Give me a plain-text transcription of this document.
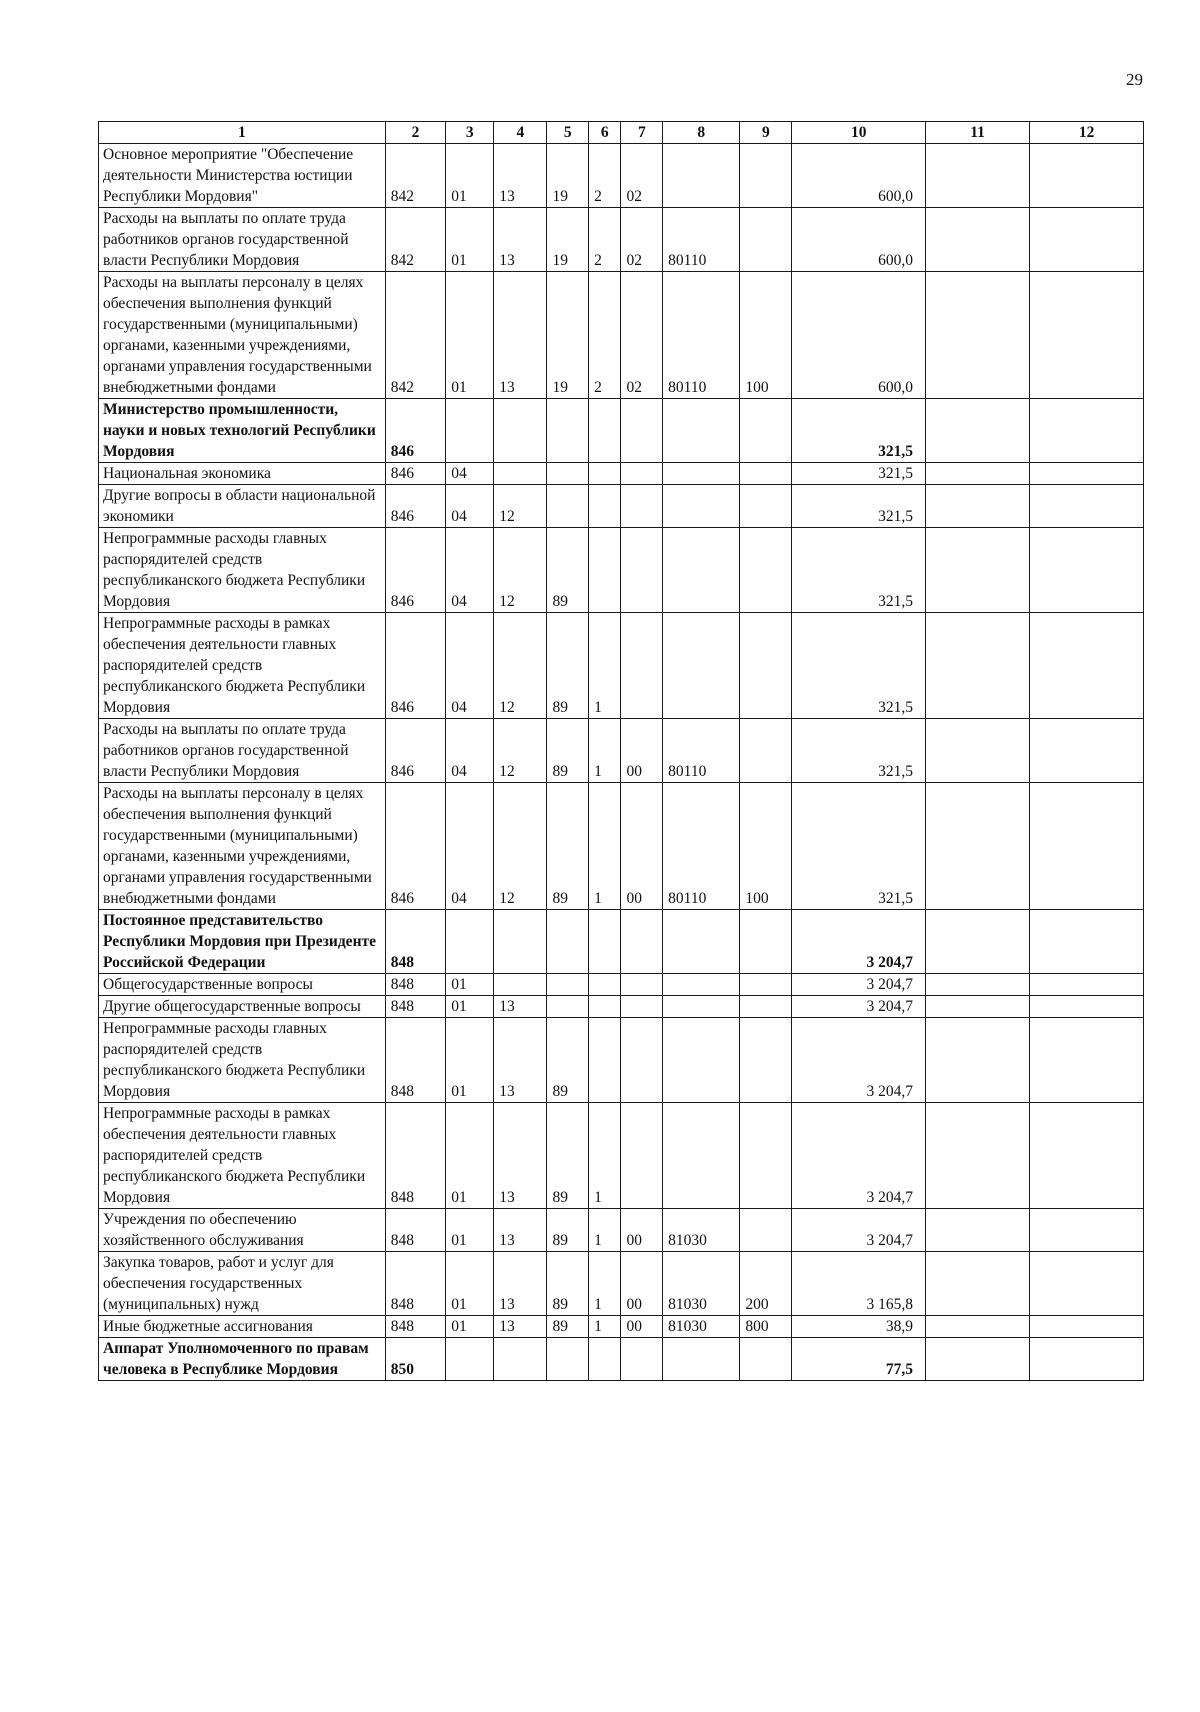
29
1	2	3	4	5	6	7	8	9	10	11	12
Основное мероприятие "Обеспечение деятельности Министерства юстиции Республики Мордовия"	842	01	13	19	2	02			600,0		
Расходы на выплаты по оплате труда работников органов государственной власти Республики Мордовия	842	01	13	19	2	02	80110		600,0		
Расходы на выплаты персоналу в целях обеспечения выполнения функций государственными (муниципальными) органами, казенными учреждениями, органами управления государственными внебюджетными фондами	842	01	13	19	2	02	80110	100	600,0		
Министерство промышленности, науки и новых технологий Республики Мордовия	846								321,5		
Национальная экономика	846	04							321,5		
Другие вопросы в области национальной экономики	846	04	12						321,5		
Непрограммные расходы главных распорядителей средств республиканского бюджета Республики Мордовия	846	04	12	89					321,5		
Непрограммные расходы в рамках обеспечения деятельности главных распорядителей средств республиканского бюджета Республики Мордовия	846	04	12	89	1				321,5		
Расходы на выплаты по оплате труда работников органов государственной власти Республики Мордовия	846	04	12	89	1	00	80110		321,5		
Расходы на выплаты персоналу в целях обеспечения выполнения функций государственными (муниципальными) органами, казенными учреждениями, органами управления государственными внебюджетными фондами	846	04	12	89	1	00	80110	100	321,5		
Постоянное представительство Республики Мордовия при Президенте Российской Федерации	848								3 204,7		
Общегосударственные вопросы	848	01							3 204,7		
Другие общегосударственные вопросы	848	01	13						3 204,7		
Непрограммные расходы главных распорядителей средств республиканского бюджета Республики Мордовия	848	01	13	89					3 204,7		
Непрограммные расходы в рамках обеспечения деятельности главных распорядителей средств республиканского бюджета Республики Мордовия	848	01	13	89	1				3 204,7		
Учреждения по обеспечению хозяйственного обслуживания	848	01	13	89	1	00	81030		3 204,7		
Закупка товаров, работ и услуг для обеспечения государственных (муниципальных) нужд	848	01	13	89	1	00	81030	200	3 165,8		
Иные бюджетные ассигнования	848	01	13	89	1	00	81030	800	38,9		
Аппарат Уполномоченного по правам человека в Республике Мордовия	850								77,5		
